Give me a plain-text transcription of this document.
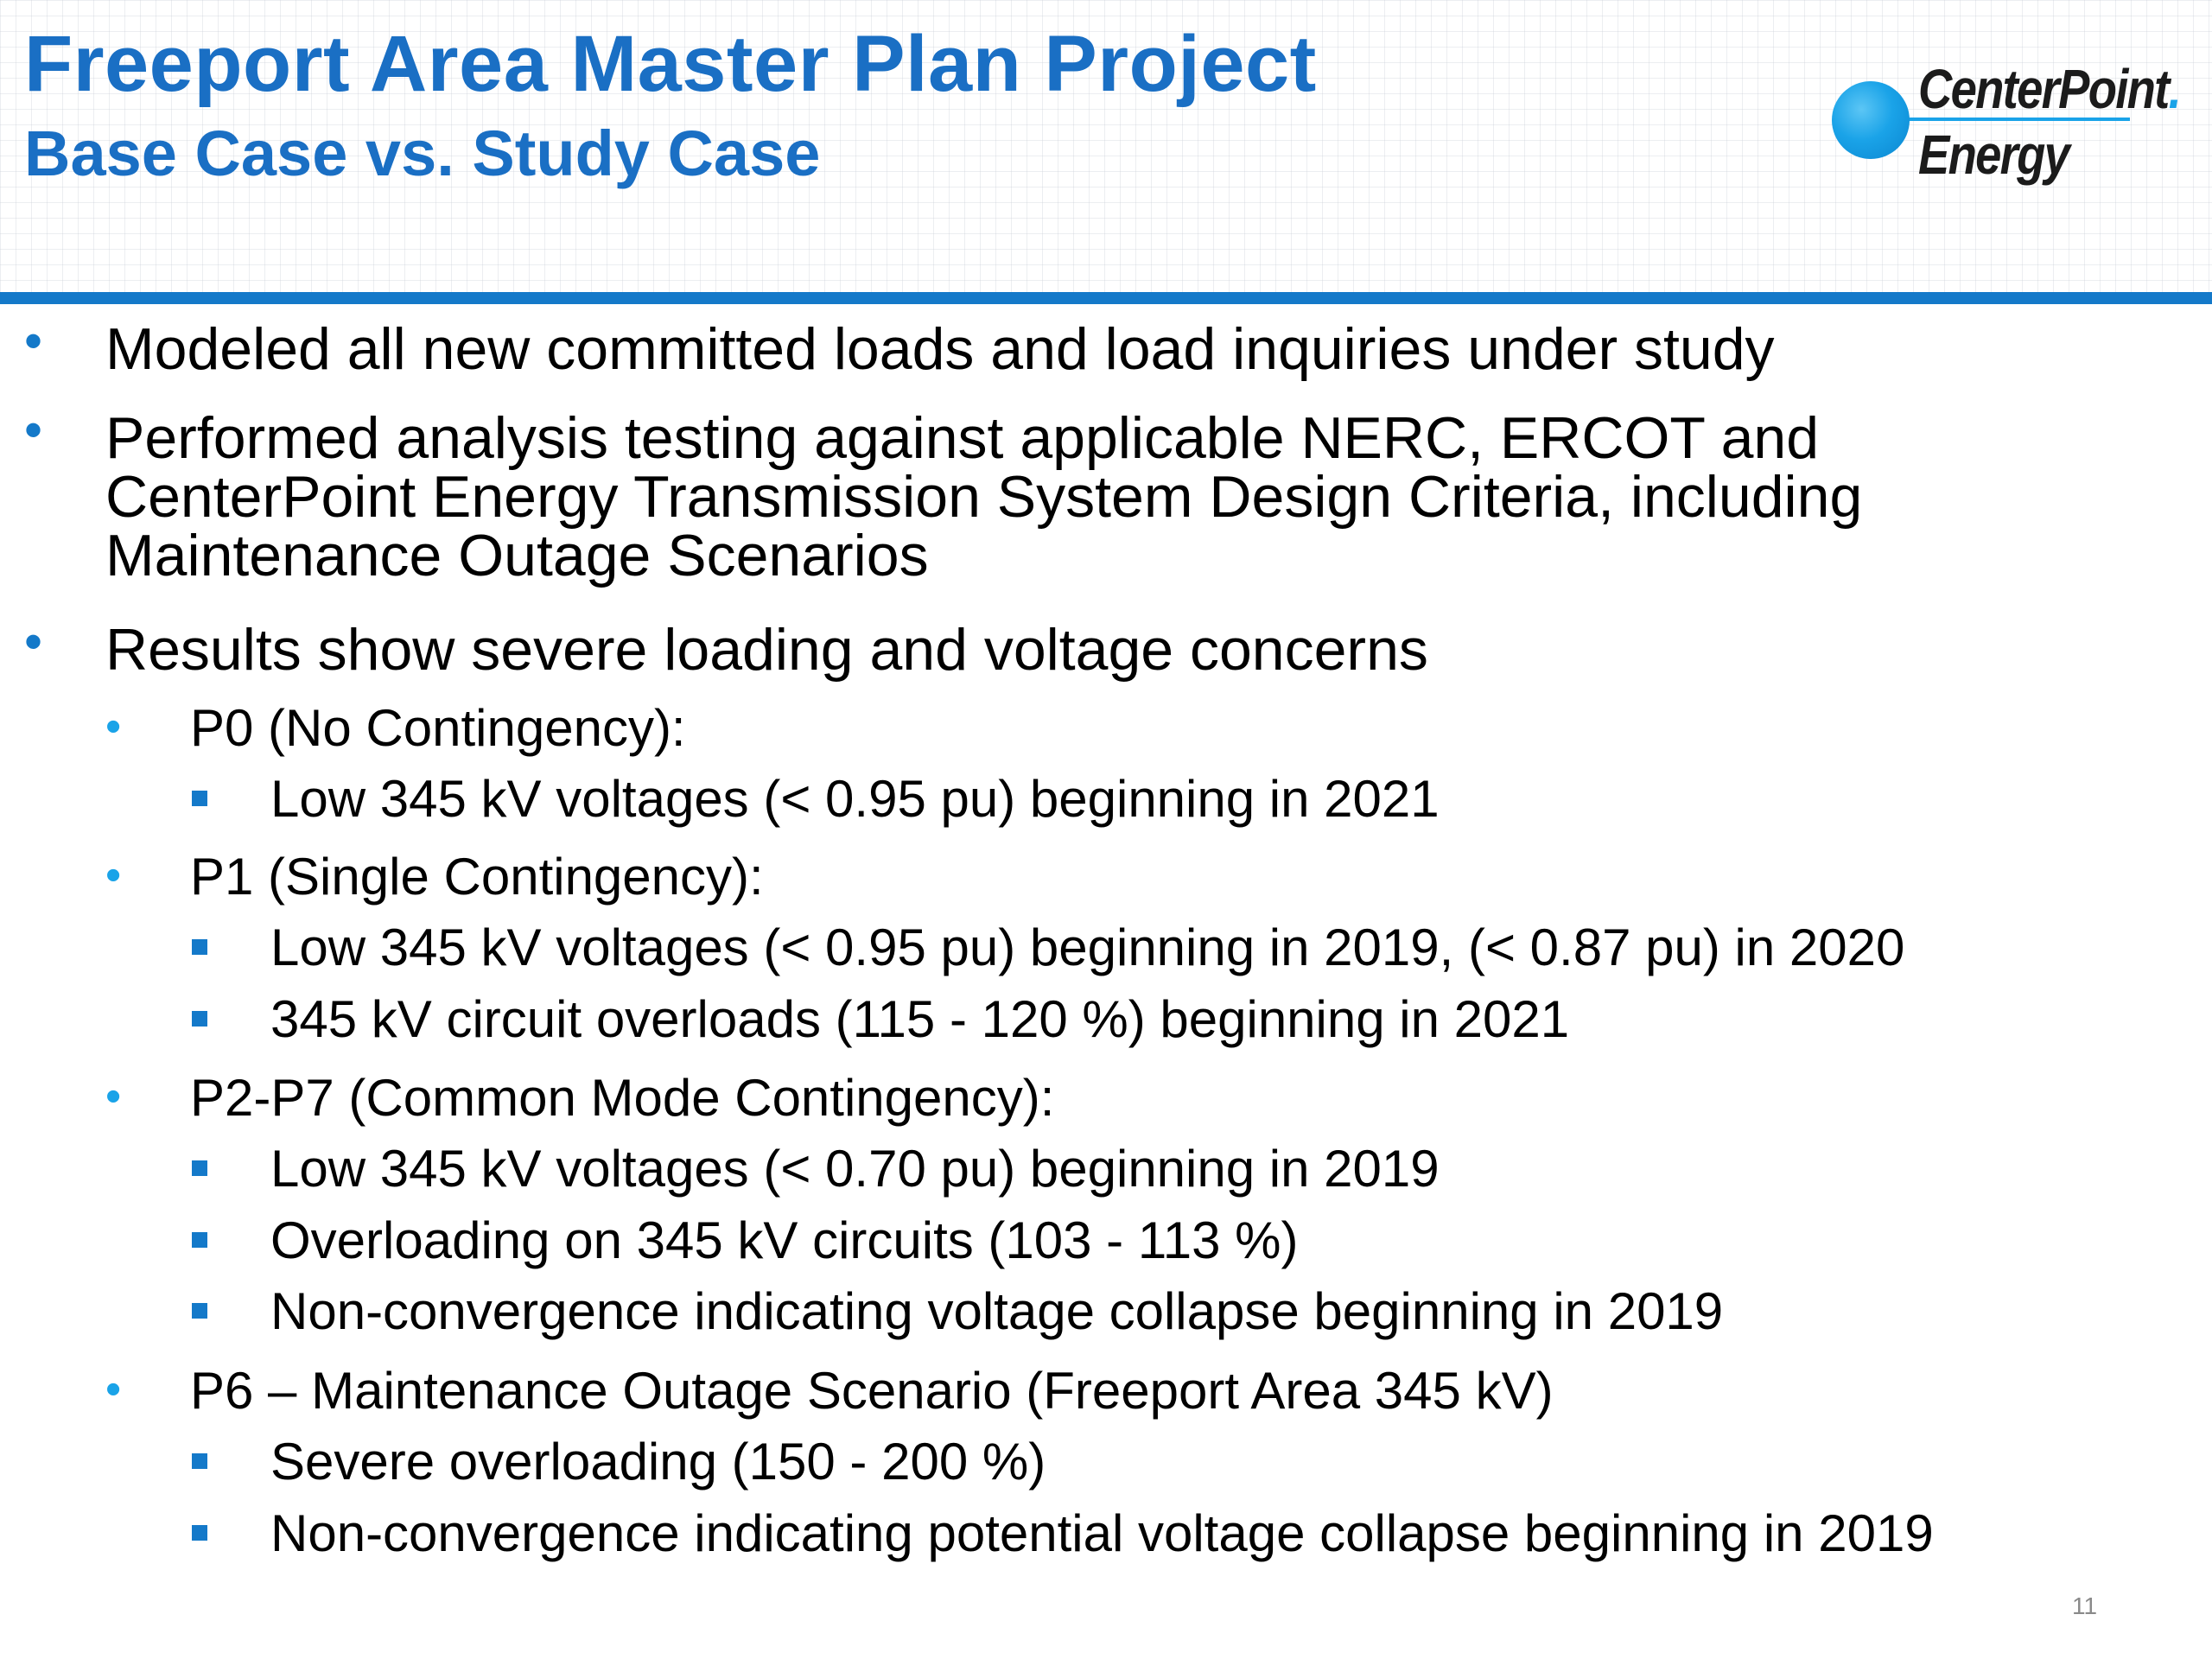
Freeport Area Master Plan Project
Base Case vs. Study Case
CenterPoint.
Energy
• Modeled all new committed loads and load inquiries under study
• Performed analysis testing against applicable NERC, ERCOT and
CenterPoint Energy Transmission System Design Criteria, including
Maintenance Outage Scenarios
• Results show severe loading and voltage concerns
• P0 (No Contingency):
Low 345 kV voltages (< 0.95 pu) beginning in 2021
• P1 (Single Contingency):
Low 345 kV voltages (< 0.95 pu) beginning in 2019, (< 0.87 pu) in 2020
345 kV circuit overloads (115 - 120 %) beginning in 2021
• P2-P7 (Common Mode Contingency):
Low 345 kV voltages (< 0.70 pu) beginning in 2019
Overloading on 345 kV circuits (103 - 113 %)
Non-convergence indicating voltage collapse beginning in 2019
• P6 – Maintenance Outage Scenario (Freeport Area 345 kV)
Severe overloading (150 - 200 %)
Non-convergence indicating potential voltage collapse beginning in 2019
11
